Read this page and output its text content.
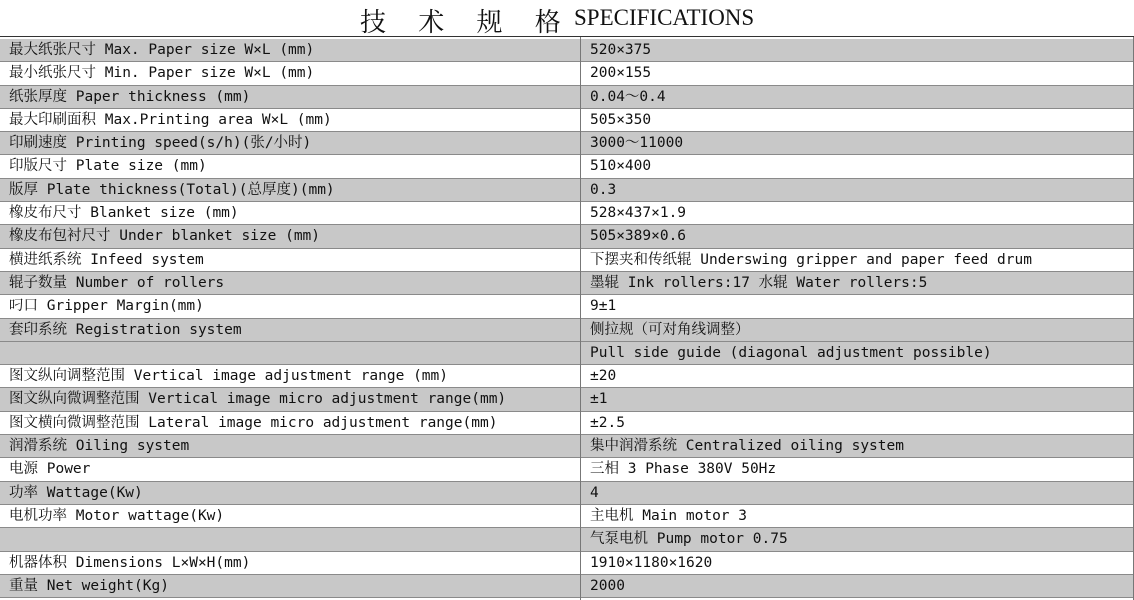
技 术 规 格 SPECIFICATIONS
最大纸张尺寸 Max. Paper size W×L (mm)	520×375
最小纸张尺寸 Min. Paper size W×L (mm)	200×155
纸张厚度 Paper thickness (mm)	0.04～0.4
最大印刷面积 Max.Printing area W×L (mm)	505×350
印刷速度 Printing speed(s/h)(张/小时)	3000～11000
印版尺寸 Plate size (mm)	510×400
版厚 Plate thickness(Total)(总厚度)(mm)	0.3
橡皮布尺寸 Blanket size (mm)	528×437×1.9
橡皮布包衬尺寸 Under blanket size (mm)	505×389×0.6
横进纸系统 Infeed system	下摆夹和传纸辊 Underswing gripper and paper feed drum
辊子数量 Number of rollers	墨辊 Ink rollers:17 水辊 Water rollers:5
叼口 Gripper Margin(mm)	9±1
套印系统 Registration system	侧拉规（可对角线调整）
Pull side guide (diagonal adjustment possible)
图文纵向调整范围 Vertical image adjustment range (mm)	±20
图文纵向微调整范围 Vertical image micro adjustment range(mm)	±1
图文横向微调整范围 Lateral image micro adjustment range(mm)	±2.5
润滑系统 Oiling system	集中润滑系统 Centralized oiling system
电源 Power	三相 3 Phase 380V 50Hz
功率 Wattage(Kw)	4
电机功率 Motor wattage(Kw)	主电机 Main motor 3
气泵电机 Pump motor 0.75
机器体积 Dimensions L×W×H(mm)	1910×1180×1620
重量 Net weight(Kg)	2000
